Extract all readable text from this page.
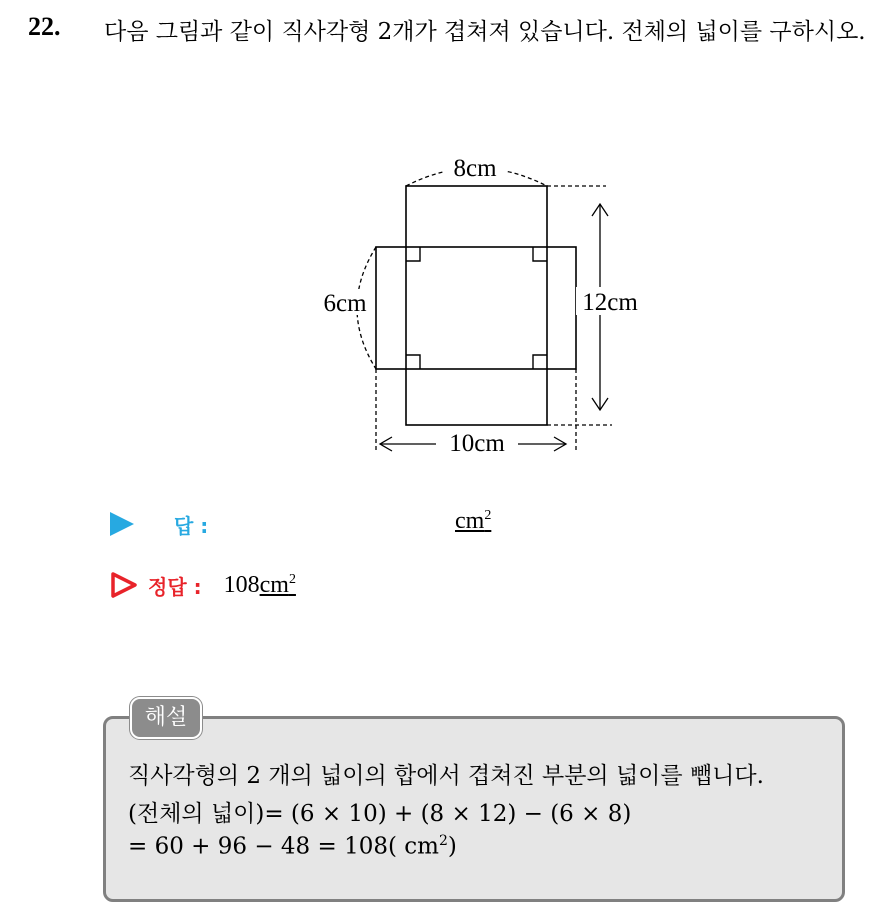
22. 다음 그림과 같이 직사각형 2개가 겹쳐져 있습니다. 전체의 넓이를 구하시오.
8cm
6cm	12cm
10cm
답 :	$cm^2$
정답 : $108cm^2$
해설
직사각형의 2 개의 넓이의 합에서 겹쳐진 부분의 넓이를 뺍니다.
(전체의 넓이)= (6 × 10) + (8 × 12) − (6 × 8)
= 60 + 96 − 48 = 108( $cm^2$)
